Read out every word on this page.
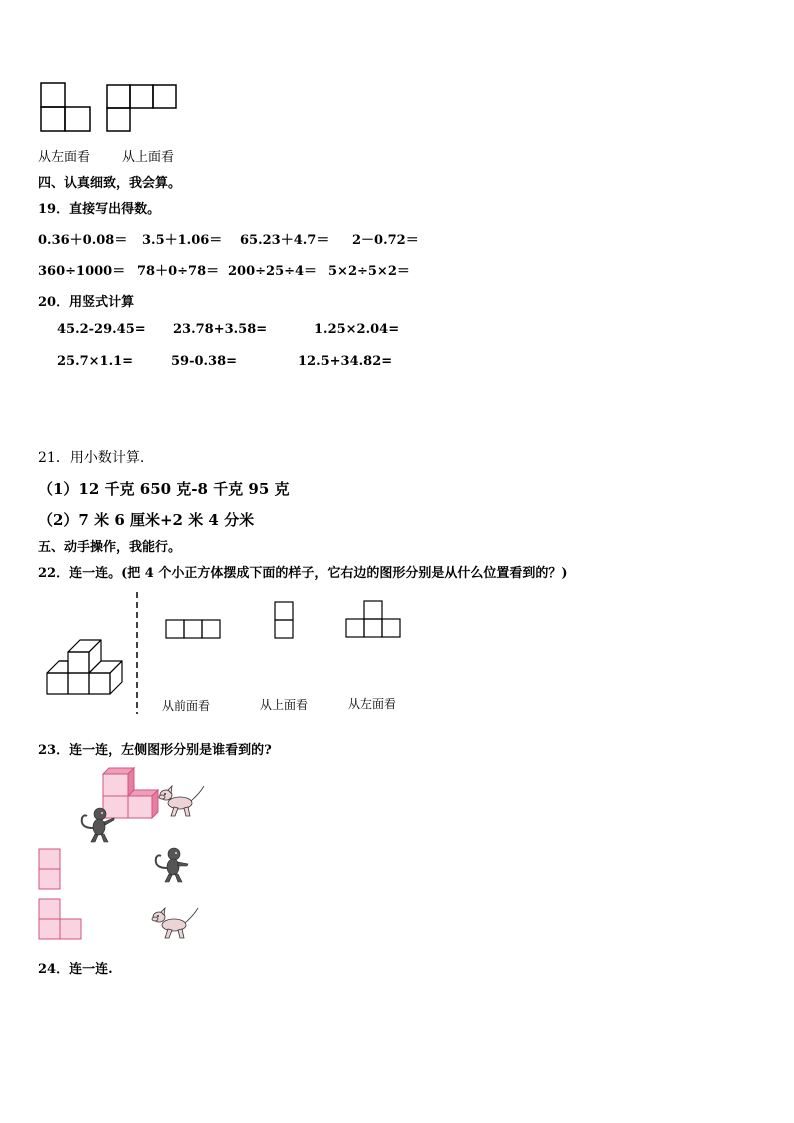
从左面看 从上面看
四、认真细致，我会算。
19．直接写出得数。
0.36＋0.08＝ 3.5＋1.06＝ 65.23＋4.7＝ 2－0.72＝
360÷1000＝ 78＋0÷78＝ 200÷25÷4＝ 5×2÷5×2＝
20．用竖式计算
45.2-29.45= 23.78+3.58=	1.25×2.04=
25.7×1.1=	59-0.38=	12.5+34.82=
21．用小数计算.
（1）12 千克 650 克-8 千克 95 克
（2）7 米 6 厘米+2 米 4 分米
五、动手操作，我能行。
22．连一连。(把 4 个小正方体摆成下面的样子，它右边的图形分别是从什么位置看到的？)
从前面看	从上面看	从左面看
23．连一连，左侧图形分别是谁看到的?
24．连一连.
